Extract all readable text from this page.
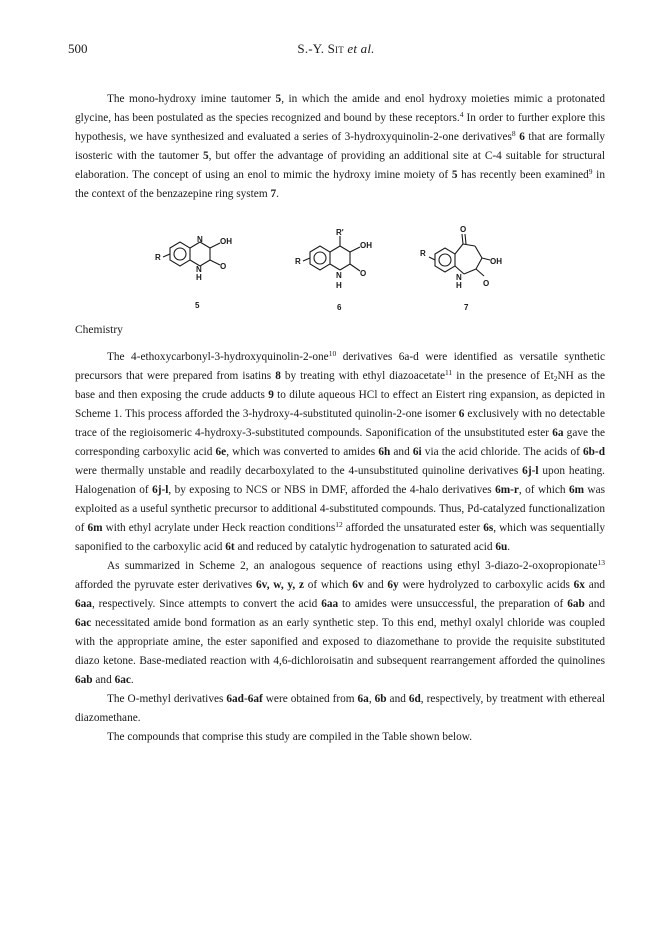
500	S.-Y. Sit et al.

The mono-hydroxy imine tautomer 5, in which the amide and enol hydroxy moieties mimic a protonated glycine, has been postulated as the species recognized and bound by these receptors.$^4$ In order to further explore this hypothesis, we have synthesized and evaluated a series of 3-hydroxyquinolin-2-one derivatives$^8$ 6 that are formally isosteric with the tautomer 5, but offer the advantage of providing an additional site at C-4 suitable for structural elaboration. The concept of using an enol to mimic the hydroxy imine moiety of 5 has recently been examined$^9$ in the context of the benzazepine ring system 7.

R
N OH
N
H
O
5
R
R'
OH
N
H
O
6
O
R
OH
N
H	O
7
Chemistry

The 4-ethoxycarbonyl-3-hydroxyquinolin-2-one$^{10}$ derivatives 6a-d were identified as versatile synthetic precursors that were prepared from isatins 8 by treating with ethyl diazoacetate$^{11}$ in the presence of $Et_2NH$ as the base and then exposing the crude adducts 9 to dilute aqueous HCl to effect an Eistert ring expansion, as depicted in Scheme 1. This process afforded the 3-hydroxy-4-substituted quinolin-2-one isomer 6 exclusively with no detectable trace of the regioisomeric 4-hydroxy-3-substituted compounds. Saponification of the unsubstituted ester 6a gave the corresponding carboxylic acid 6e, which was converted to amides 6h and 6i via the acid chloride. The acids of 6b-d were thermally unstable and readily decarboxylated to the 4-unsubstituted quinoline derivatives 6j-l upon heating. Halogenation of 6j-l, by exposing to NCS or NBS in DMF, afforded the 4-halo derivatives 6m-r, of which 6m was exploited as a useful synthetic precursor to additional 4-substituted compounds. Thus, Pd-catalyzed functionalization of 6m with ethyl acrylate under Heck reaction conditions$^{12}$ afforded the unsaturated ester 6s, which was sequentially saponified to the carboxylic acid 6t and reduced by catalytic hydrogenation to saturated acid 6u.

As summarized in Scheme 2, an analogous sequence of reactions using ethyl 3-diazo-2-oxopropionate$^{13}$ afforded the pyruvate ester derivatives 6v, w, y, z of which 6v and 6y were hydrolyzed to carboxylic acids 6x and 6aa, respectively. Since attempts to convert the acid 6aa to amides were unsuccessful, the preparation of 6ab and 6ac necessitated amide bond formation as an early synthetic step. To this end, methyl oxalyl chloride was coupled with the appropriate amine, the ester saponified and exposed to diazomethane to provide the requisite substituted diazo ketone. Base-mediated reaction with 4,6-dichloroisatin and subsequent rearrangement afforded the quinolines 6ab and 6ac.

The O-methyl derivatives 6ad-6af were obtained from 6a, 6b and 6d, respectively, by treatment with ethereal diazomethane.

The compounds that comprise this study are compiled in the Table shown below.
